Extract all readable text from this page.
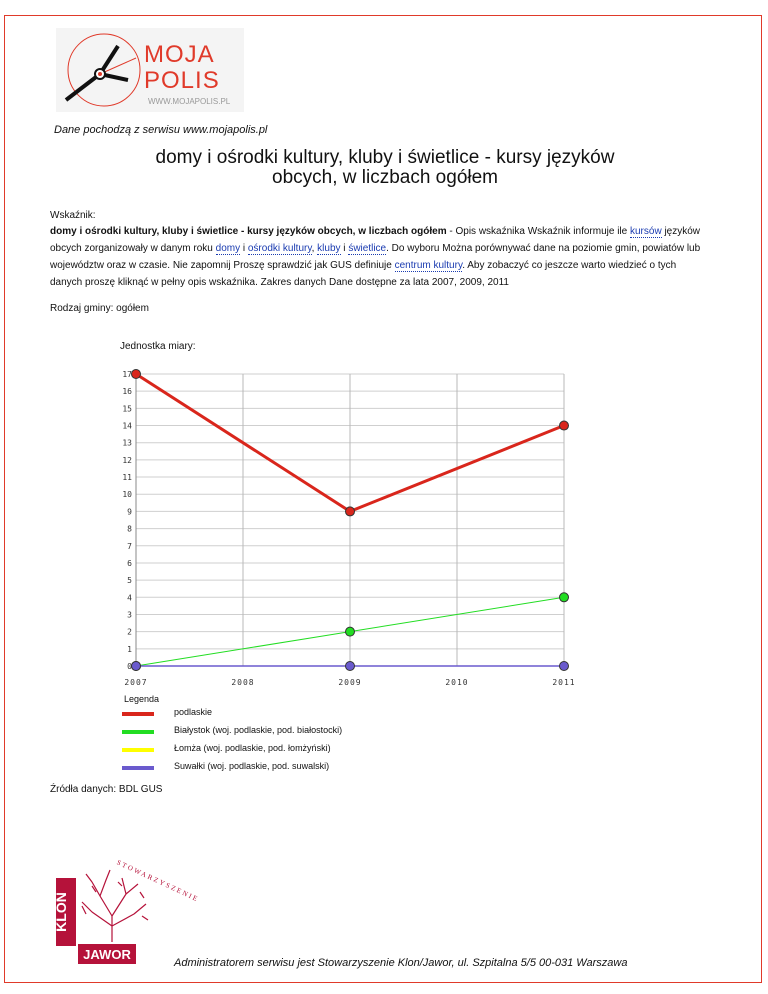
MOJA
POLIS
WWW.MOJAPOLIS.PL
Dane pochodzą z serwisu www.mojapolis.pl
domy i ośrodki kultury, kluby i świetlice - kursy języków
obcych, w liczbach ogółem
Wskaźnik:
domy i ośrodki kultury, kluby i świetlice - kursy języków obcych, w liczbach ogółem - Opis wskaźnika Wskaźnik informuje ile kursów języków obcych zorganizowały w danym roku domy i ośrodki kultury, kluby i świetlice. Do wyboru Można porównywać dane na poziomie gmin, powiatów lub województw oraz w czasie. Nie zapomnij Proszę sprawdzić jak GUS definiuje centrum kultury. Aby zobaczyć co jeszcze warto wiedzieć o tych danych proszę kliknąć w pełny opis wskaźnika. Zakres danych Dane dostępne za lata 2007, 2009, 2011
Rodzaj gminy: ogółem
Jednostka miary:
0
1
2
3
4
5
6
7
8
9
10
11
12
13
14
15
16
17
2007	2008	2009	2010	2011
Legenda
podlaskie
Białystok (woj. podlaskie, pod. białostocki)
Łomża (woj. podlaskie, pod. łomżyński)
Suwałki (woj. podlaskie, pod. suwalski)
Źródła danych: BDL GUS
KLON
JAWOR
STOWARZYSZENIE
Administratorem serwisu jest Stowarzyszenie Klon/Jawor, ul. Szpitalna 5/5 00-031 Warszawa
